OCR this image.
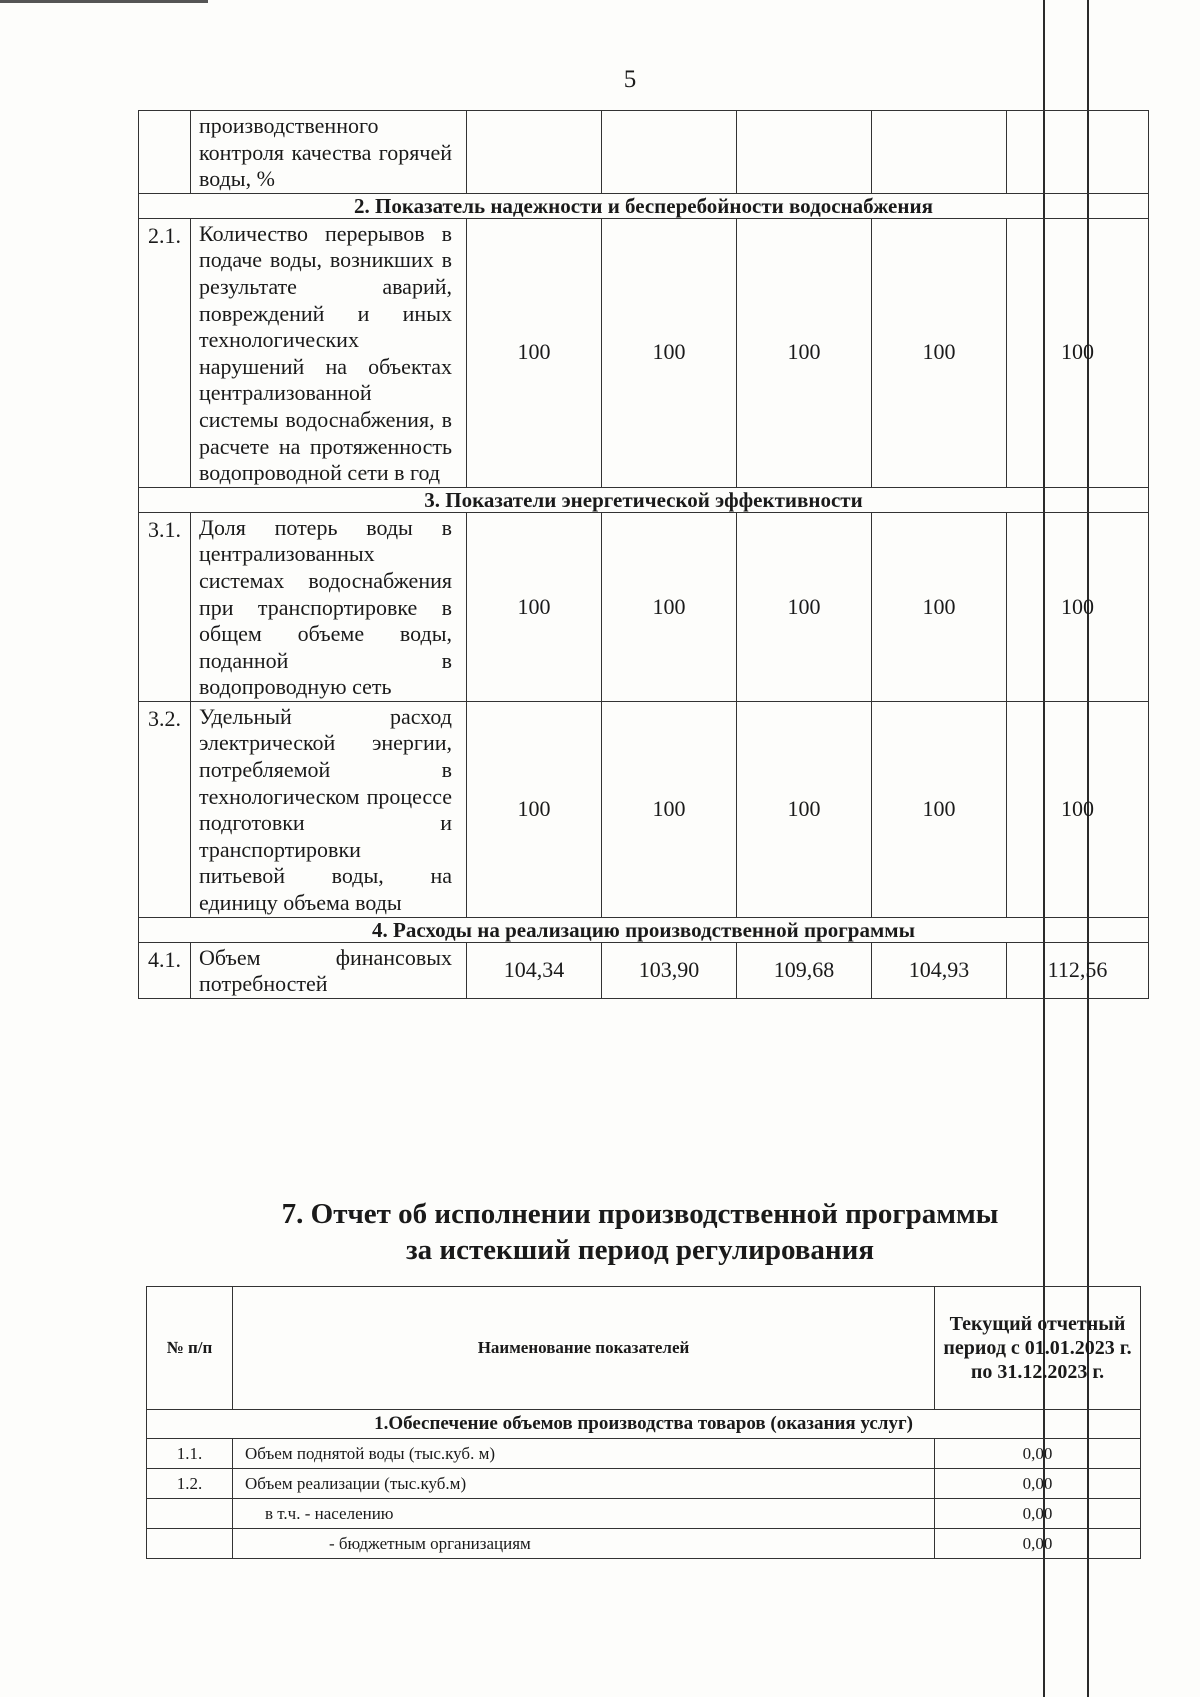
5
	производственного контроля качества горячей воды, %					
2. Показатель надежности и бесперебойности водоснабжения						
2.1.	Количество перерывов в подаче воды, возникших в результате аварий, повреждений и иных технологических нарушений на объектах централизованной системы водоснабжения, в расчете на протяженность водопроводной сети в год	100	100	100	100	100
3. Показатели энергетической эффективности						
3.1.	Доля потерь воды в централизованных системах водоснабжения при транспортировке в общем объеме воды, поданной в водопроводную сеть	100	100	100	100	100
3.2.	Удельный расход электрической энергии, потребляемой в технологическом процессе подготовки и транспортировки питьевой воды, на единицу объема воды	100	100	100	100	100
4. Расходы на реализацию производственной программы						
4.1.	Объем финансовых потребностей	104,34	103,90	109,68	104,93	112,56
7. Отчет об исполнении производственной программы
за истекший период регулирования
№ п/п	Наименование показателей	Текущий отчетный период с 01.01.2023 г. по 31.12.2023 г.
1.Обеспечение объемов производства товаров (оказания услуг)		
1.1.	Объем поднятой воды (тыс.куб. м)	0,00
1.2.	Объем реализации (тыс.куб.м)	0,00
	в т.ч. - населению	0,00
	- бюджетным организациям	0,00
